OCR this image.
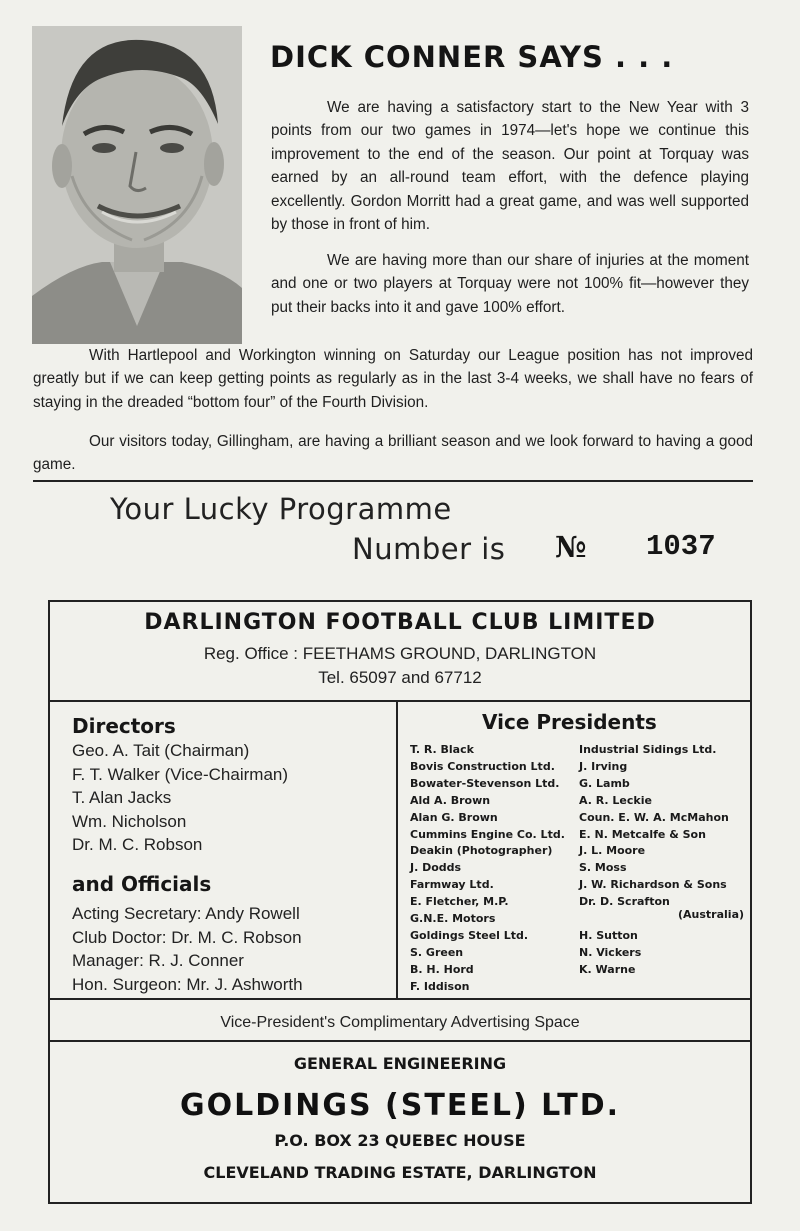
DICK CONNER SAYS . . .

We are having a satisfactory start to the New Year with 3 points from our two games in 1974—let's hope we continue this improvement to the end of the season. Our point at Torquay was earned by an all-round team effort, with the defence playing excellently. Gordon Morritt had a great game, and was well supported by those in front of him.

We are having more than our share of injuries at the moment and one or two players at Torquay were not 100% fit—however they put their backs into it and gave 100% effort.

With Hartlepool and Workington winning on Saturday our League position has not improved greatly but if we can keep getting points as regularly as in the last 3-4 weeks, we shall have no fears of staying in the dreaded “bottom four” of the Fourth Division.

Our visitors today, Gillingham, are having a brilliant season and we look forward to having a good game.

Your Lucky Programme
Number is № 1037
DARLINGTON FOOTBALL CLUB LIMITED
Reg. Office : FEETHAMS GROUND, DARLINGTON
Tel. 65097 and 67712
Directors
Geo. A. Tait (Chairman)
F. T. Walker (Vice-Chairman)
T. Alan Jacks
Wm. Nicholson
Dr. M. C. Robson
and Officials
Acting Secretary: Andy Rowell
Club Doctor: Dr. M. C. Robson
Manager: R. J. Conner
Hon. Surgeon: Mr. J. Ashworth
Vice Presidents
T. R. Black
Bovis Construction Ltd.
Bowater-Stevenson Ltd.
Ald A. Brown
Alan G. Brown
Cummins Engine Co. Ltd.
Deakin (Photographer)
J. Dodds
Farmway Ltd.
E. Fletcher, M.P.
G.N.E. Motors
Goldings Steel Ltd.
S. Green
B. H. Hord
F. Iddison
Industrial Sidings Ltd.
J. Irving
G. Lamb
A. R. Leckie
Coun. E. W. A. McMahon
E. N. Metcalfe & Son
J. L. Moore
S. Moss
J. W. Richardson & Sons
Dr. D. Scrafton

H. Sutton
N. Vickers
K. Warne
(Australia)
Vice-President's Complimentary Advertising Space
GENERAL ENGINEERING
GOLDINGS (STEEL) LTD.
P.O. BOX 23 QUEBEC HOUSE
CLEVELAND TRADING ESTATE, DARLINGTON
